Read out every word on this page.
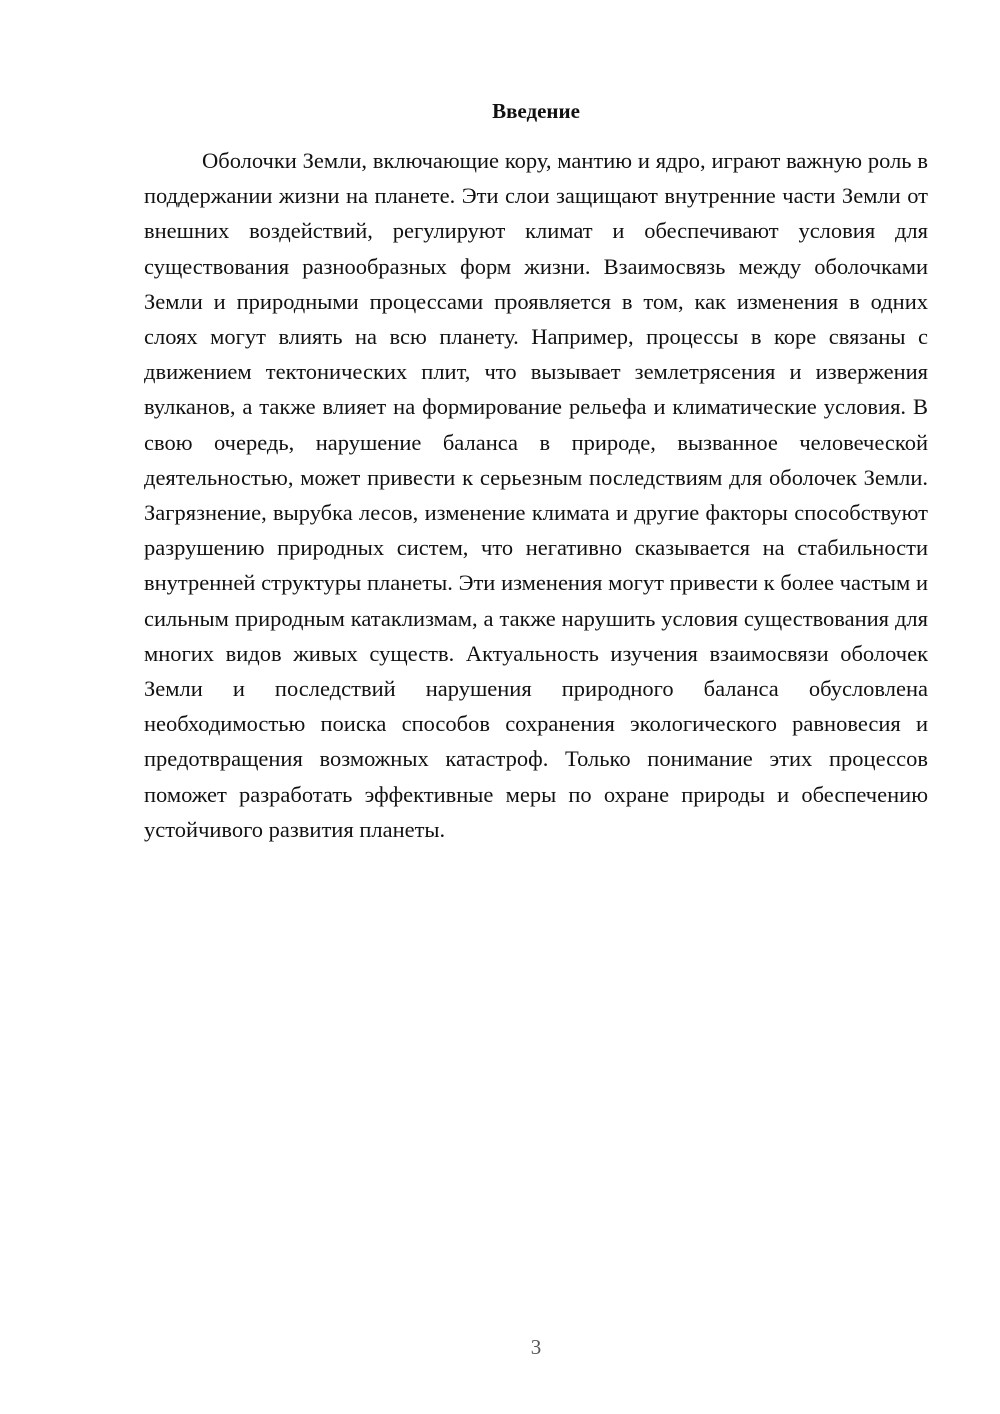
Введение

Оболочки Земли, включающие кору, мантию и ядро, играют важную роль в поддержании жизни на планете. Эти слои защищают внутренние части Земли от внешних воздействий, регулируют климат и обеспечивают условия для существования разнообразных форм жизни. Взаимосвязь между оболочками Земли и природными процессами проявляется в том, как изменения в одних слоях могут влиять на всю планету. Например, процессы в коре связаны с движением тектонических плит, что вызывает землетрясения и извержения вулканов, а также влияет на формирование рельефа и климатические условия. В свою очередь, нарушение баланса в природе, вызванное человеческой деятельностью, может привести к серьезным последствиям для оболочек Земли. Загрязнение, вырубка лесов, изменение климата и другие факторы способствуют разрушению природных систем, что негативно сказывается на стабильности внутренней структуры планеты. Эти изменения могут привести к более частым и сильным природным катаклизмам, а также нарушить условия существования для многих видов живых существ. Актуальность изучения взаимосвязи оболочек Земли и последствий нарушения природного баланса обусловлена необходимостью поиска способов сохранения экологического равновесия и предотвращения возможных катастроф. Только понимание этих процессов поможет разработать эффективные меры по охране природы и обеспечению устойчивого развития планеты.

3
